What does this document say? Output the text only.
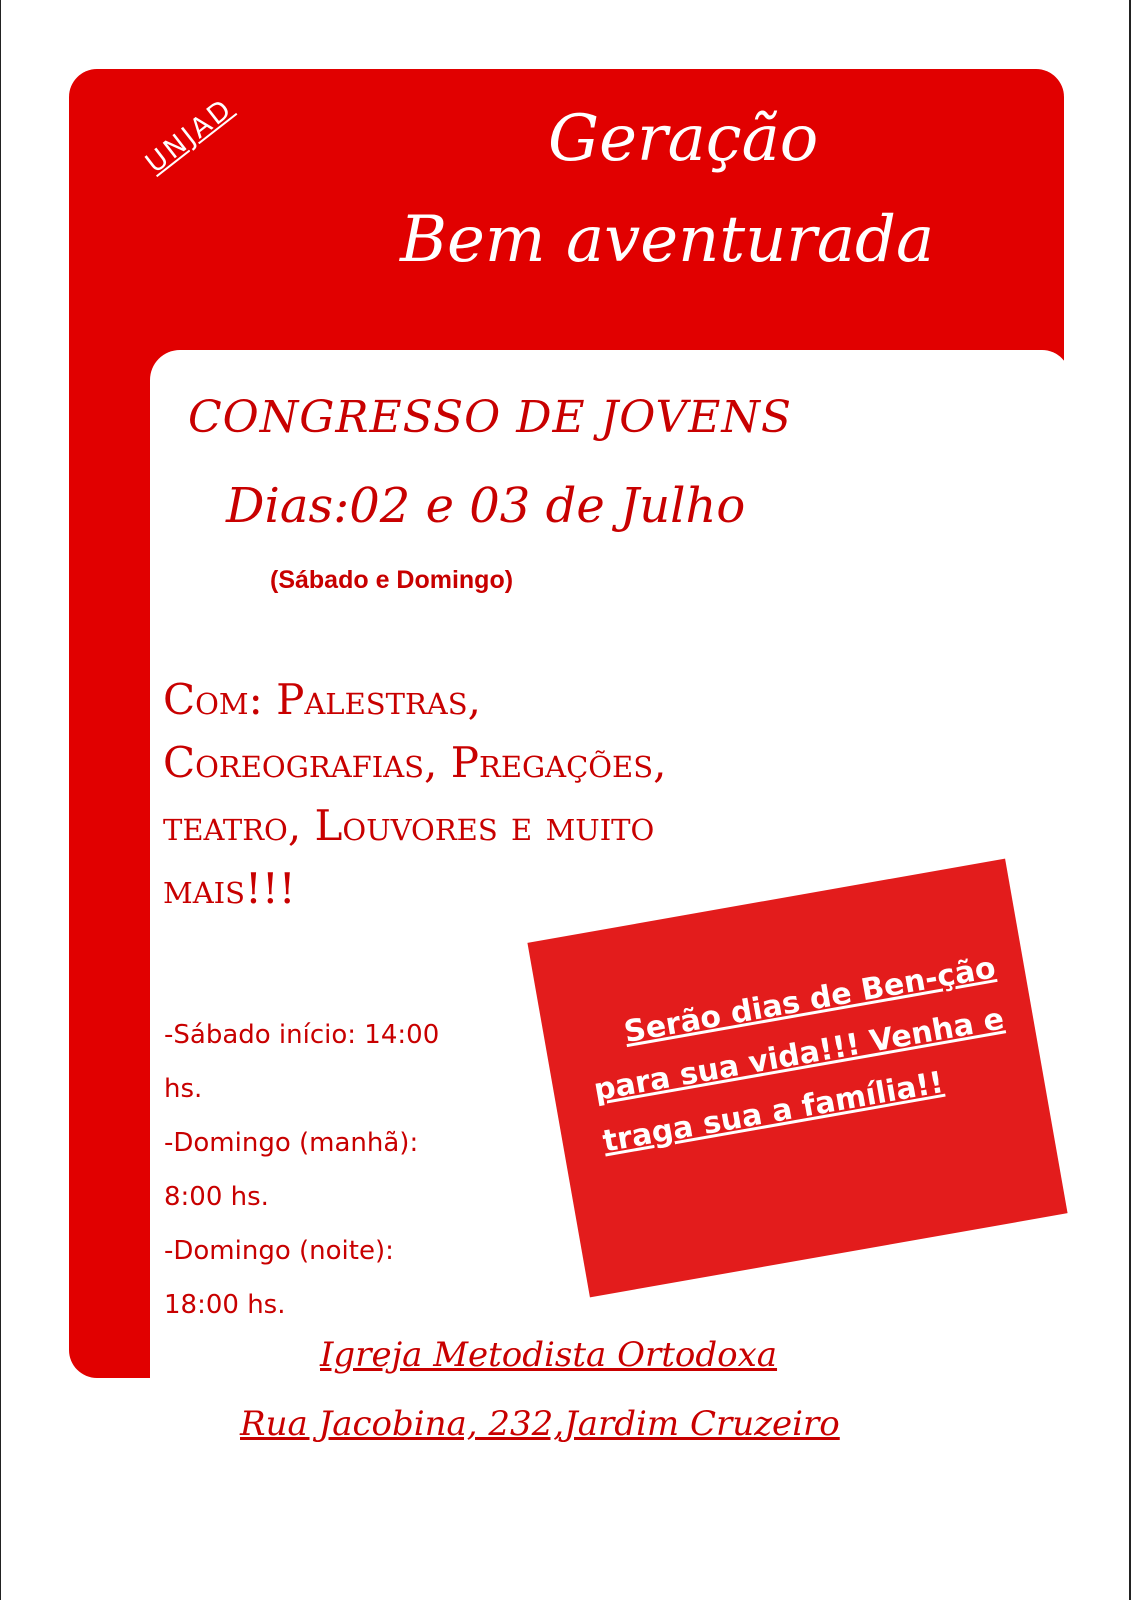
UNJAD	Geração
Bem aventurada
CONGRESSO DE JOVENS
Dias:02 e 03 de Julho
(Sábado e Domingo)
Com: Palestras,
Coreografias, Pregações,
teatro, Louvores e muito
mais!!!
-Sábado início: 14:00
hs.
-Domingo (manhã):
8:00 hs.
-Domingo (noite):
18:00 hs.
Serão dias de Ben-ção para sua vida!!! Venha e traga sua a família!!
Igreja Metodista Ortodoxa
Rua Jacobina, 232,Jardim Cruzeiro
